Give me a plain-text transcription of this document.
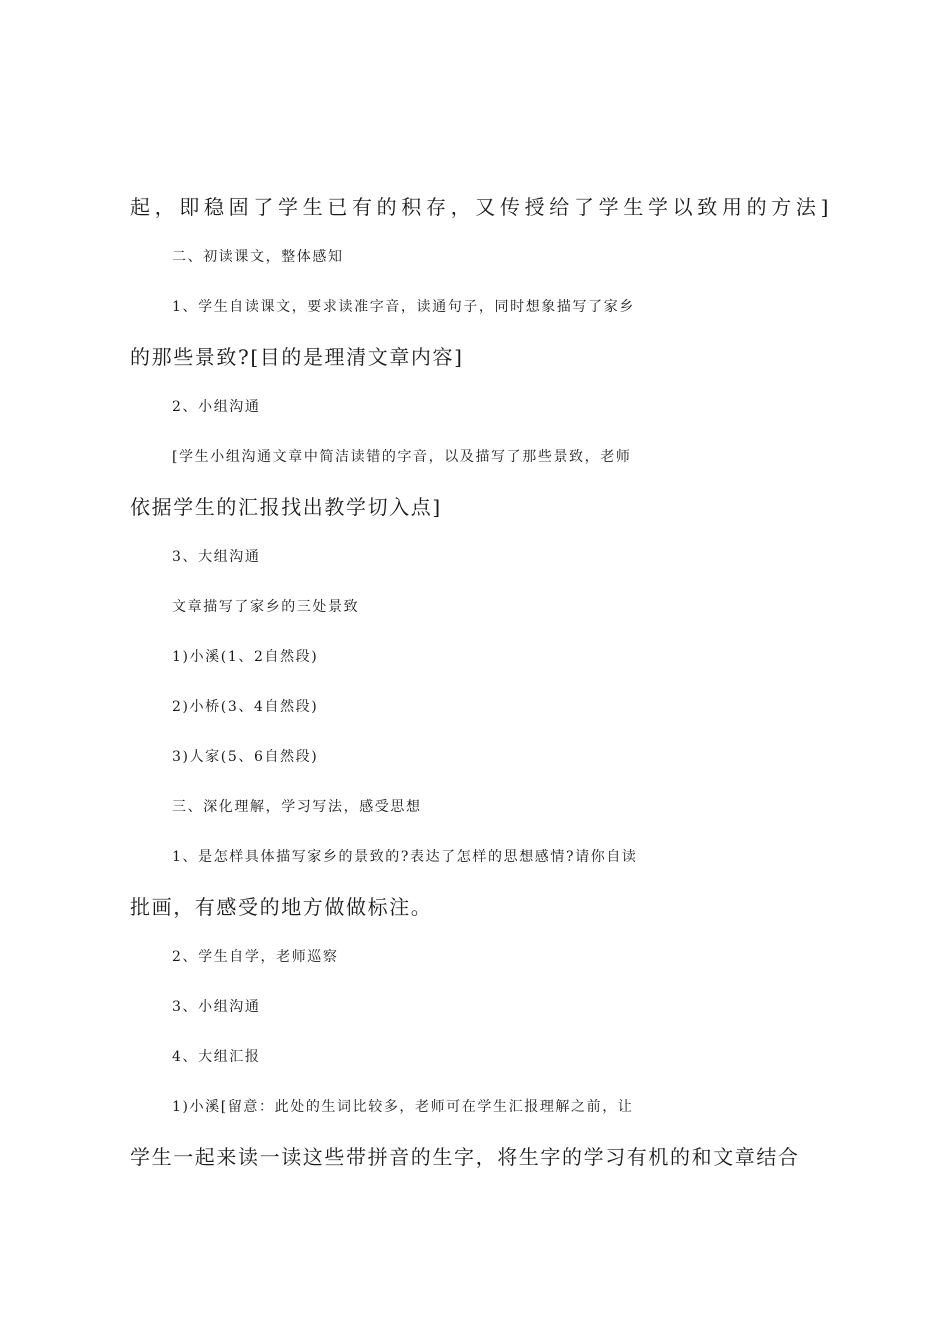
起，即稳固了学生已有的积存，又传授给了学生学以致用的方法]
二、初读课文，整体感知
1、学生自读课文，要求读准字音，读通句子，同时想象描写了家乡
的那些景致?[目的是理清文章内容]
2、小组沟通
[学生小组沟通文章中简洁读错的字音，以及描写了那些景致，老师
依据学生的汇报找出教学切入点]
3、大组沟通
文章描写了家乡的三处景致
1)小溪(1、2自然段)
2)小桥(3、4自然段)
3)人家(5、6自然段)
三、深化理解，学习写法，感受思想
1、是怎样具体描写家乡的景致的?表达了怎样的思想感情?请你自读
批画，有感受的地方做做标注。
2、学生自学，老师巡察
3、小组沟通
4、大组汇报
1)小溪[留意：此处的生词比较多，老师可在学生汇报理解之前，让
学生一起来读一读这些带拼音的生字，将生字的学习有机的和文章结合
